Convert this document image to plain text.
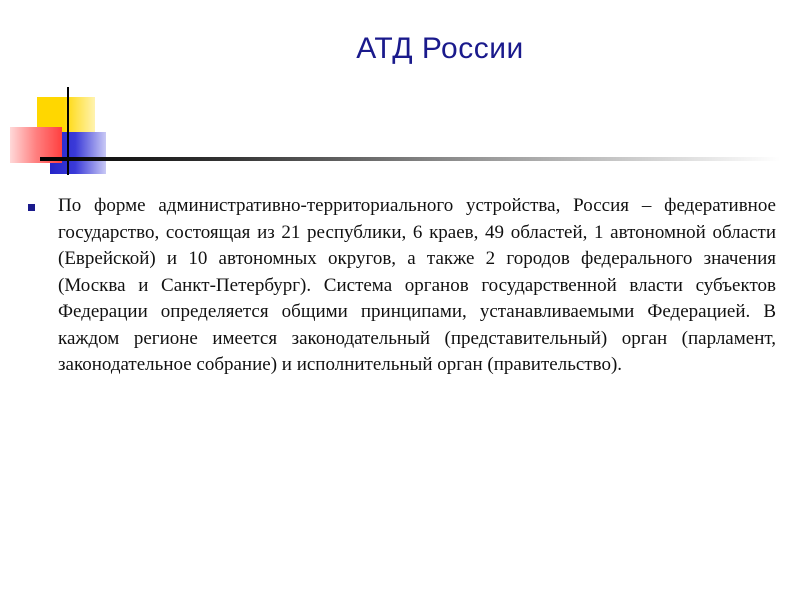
АТД России
По форме административно-территориального устройства, Россия – федеративное государство, состоящая из 21 республики, 6 краев, 49 областей, 1 автономной области (Еврейской) и 10 автономных округов, а также 2 городов федерального значения (Москва и Санкт-Петербург). Система органов государственной власти субъектов Федерации определяется общими принципами, устанавливаемыми Федерацией. В каждом регионе имеется законодательный (представительный) орган (парламент, законодательное собрание) и исполнительный орган (правительство).
